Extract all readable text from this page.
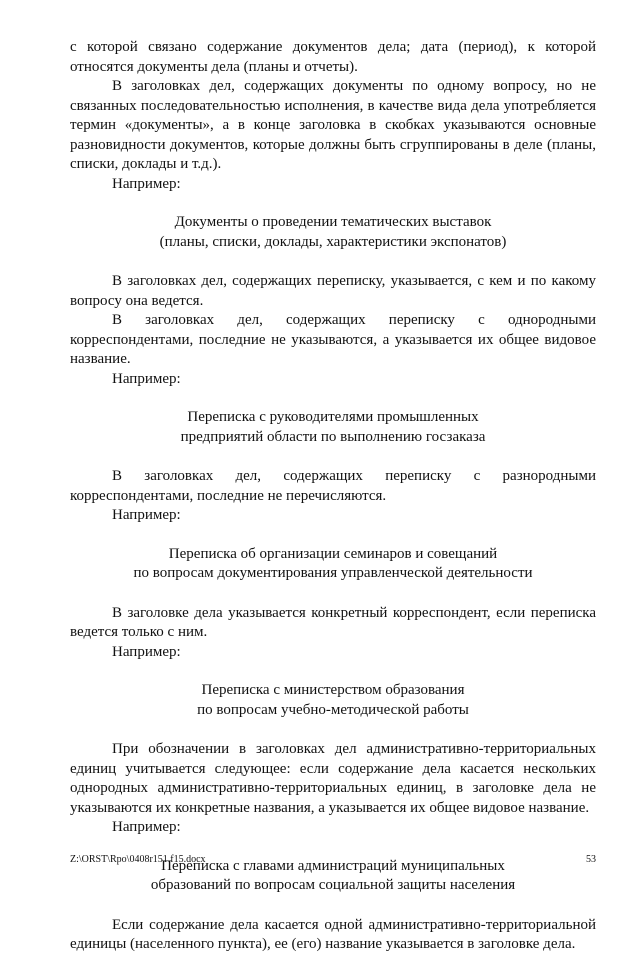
с которой связано содержание документов дела; дата (период), к которой относятся документы дела (планы и отчеты).

В заголовках дел, содержащих документы по одному вопросу, но не связанных последовательностью исполнения, в качестве вида дела употребляется термин «документы», а в конце заголовка в скобках указываются основные разновидности документов, которые должны быть сгруппированы в деле (планы, списки, доклады и т.д.).

Например:

Документы о проведении тематических выставок
(планы, списки, доклады, характеристики экспонатов)

В заголовках дел, содержащих переписку, указывается, с кем и по какому вопросу она ведется.

В заголовках дел, содержащих переписку с однородными корреспондентами, последние не указываются, а указывается их общее видовое название.

Например:

Переписка с руководителями промышленных
предприятий области по выполнению госзаказа

В заголовках дел, содержащих переписку с разнородными корреспондентами, последние не перечисляются.

Например:

Переписка об организации семинаров и совещаний
по вопросам документирования управленческой деятельности

В заголовке дела указывается конкретный корреспондент, если переписка ведется только с ним.

Например:

Переписка с министерством образования
по вопросам учебно-методической работы

При обозначении в заголовках дел административно-территориальных единиц учитывается следующее: если содержание дела касается нескольких однородных административно-территориальных единиц, в заголовке дела не указываются их конкретные названия, а указывается их общее видовое название.

Например:

Переписка с главами администраций муниципальных
образований по вопросам социальной защиты населения

Если содержание дела касается одной административно-территориальной единицы (населенного пункта), ее (его) название указывается в заголовке дела.

Z:\ORST\Rpo\0408r151.f15.docx	53
